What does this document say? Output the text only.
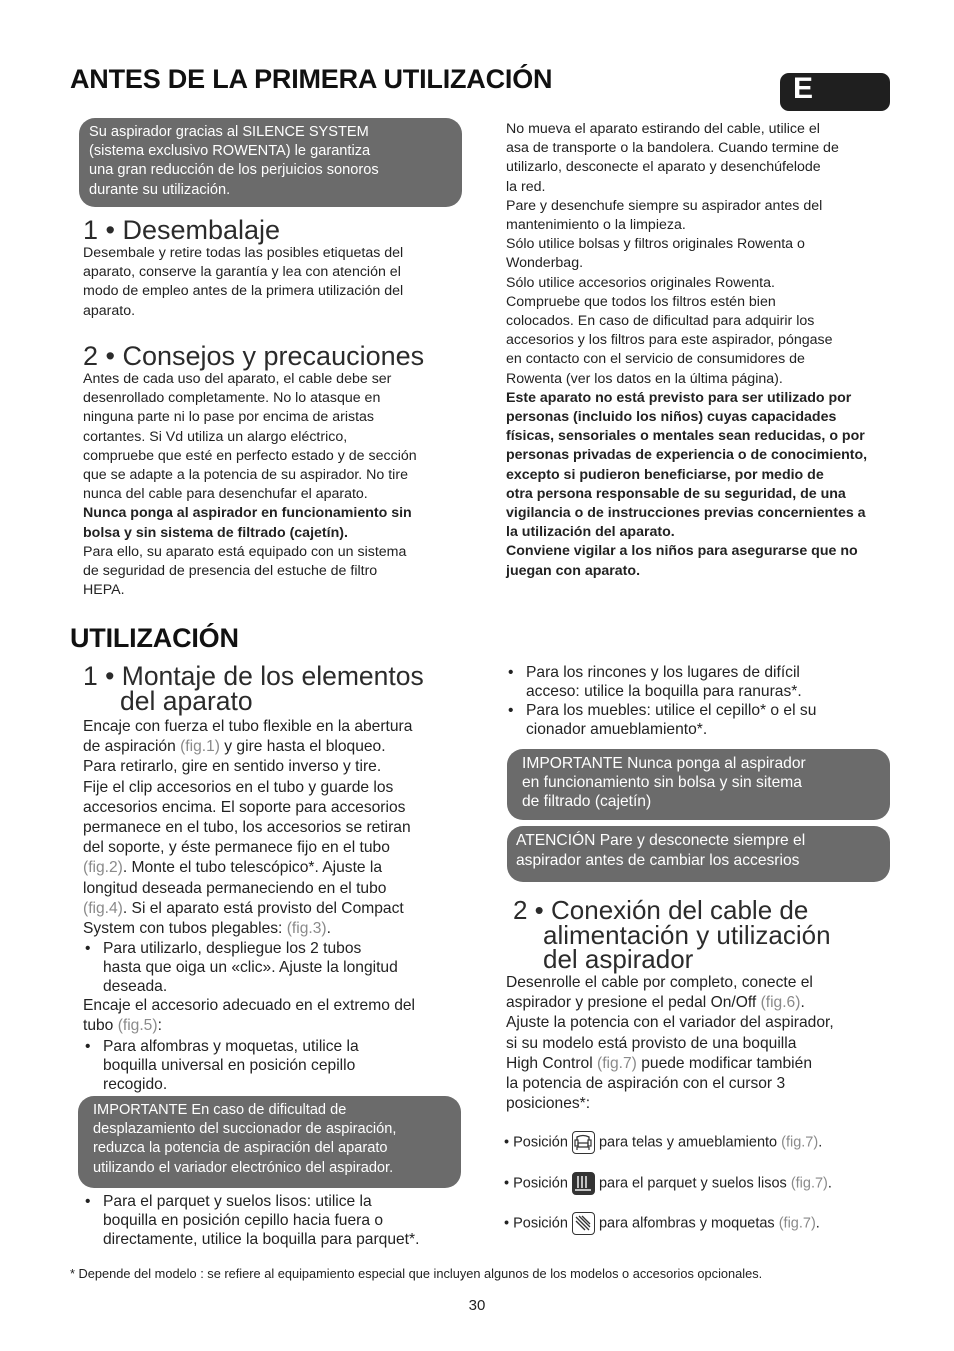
ANTES DE LA PRIMERA UTILIZACIÓN	E
Su aspirador gracias al SILENCE SYSTEM
(sistema exclusivo ROWENTA) le garantiza
una gran reducción de los perjuicios sonoros
durante su utilización.
1 • Desembalaje
Desembale y retire todas las posibles etiquetas del
aparato, conserve la garantía y lea con atención el
modo de empleo antes de la primera utilización del
aparato.
2 • Consejos y precauciones
Antes de cada uso del aparato, el cable debe ser
desenrollado completamente. No lo atasque en
ninguna parte ni lo pase por encima de aristas
cortantes. Si Vd utiliza un alargo eléctrico,
compruebe que esté en perfecto estado y de sección
que se adapte a la potencia de su aspirador. No tire
nunca del cable para desenchufar el aparato.
Nunca ponga al aspirador en funcionamiento sin
bolsa y sin sistema de filtrado (cajetín).
Para ello, su aparato está equipado con un sistema
de seguridad de presencia del estuche de filtro
HEPA.
No mueva el aparato estirando del cable, utilice el
asa de transporte o la bandolera. Cuando termine de
utilizarlo, desconecte el aparato y desenchúfelode
la red.
Pare y desenchufe siempre su aspirador antes del
mantenimiento o la limpieza.
Sólo utilice bolsas y filtros originales Rowenta o
Wonderbag.
Sólo utilice accesorios originales Rowenta.
Compruebe que todos los filtros estén bien
colocados. En caso de dificultad para adquirir los
accesorios y los filtros para este aspirador, póngase
en contacto con el servicio de consumidores de
Rowenta (ver los datos en la última página).
Este aparato no está previsto para ser utilizado por
personas (incluido los niños) cuyas capacidades
físicas, sensoriales o mentales sean reducidas, o por
personas privadas de experiencia o de conocimiento,
excepto si pudieron beneficiarse, por medio de
otra persona responsable de su seguridad, de una
vigilancia o de instrucciones previas concernientes a
la utilización del aparato.
Conviene vigilar a los niños para asegurarse que no
juegan con aparato.
UTILIZACIÓN
1 • Montaje de los elementos
del aparato
Encaje con fuerza el tubo flexible en la abertura
de aspiración (fig.1) y gire hasta el bloqueo.
Para retirarlo, gire en sentido inverso y tire.
Fije el clip accesorios en el tubo y guarde los
accesorios encima. El soporte para accesorios
permanece en el tubo, los accesorios se retiran
del soporte, y éste permanece fijo en el tubo
(fig.2). Monte el tubo telescópico*. Ajuste la
longitud deseada permaneciendo en el tubo
(fig.4). Si el aparato está provisto del Compact
System con tubos plegables: (fig.3).
• Para utilizarlo, despliegue los 2 tubos
hasta que oiga un «clic». Ajuste la longitud
deseada.
Encaje el accesorio adecuado en el extremo del
tubo (fig.5):
• Para alfombras y moquetas, utilice la
boquilla universal en posición cepillo
recogido.
IMPORTANTE En caso de dificultad de
desplazamiento del succionador de aspiración,
reduzca la potencia de aspiración del aparato
utilizando el variador electrónico del aspirador.
• Para el parquet y suelos lisos: utilice la
boquilla en posición cepillo hacia fuera o
directamente, utilice la boquilla para parquet*.
• Para los rincones y los lugares de difícil
acceso: utilice la boquilla para ranuras*.
• Para los muebles: utilice el cepillo* o el su
cionador amueblamiento*.
IMPORTANTE Nunca ponga al aspirador
en funcionamiento sin bolsa y sin sitema
de filtrado (cajetín)
ATENCIÓN Pare y desconecte siempre el
aspirador antes de cambiar los accesrios
2 • Conexión del cable de
alimentación y utilización
del aspirador
Desenrolle el cable por completo, conecte el
aspirador y presione el pedal On/Off (fig.6).
Ajuste la potencia con el variador del aspirador,
si su modelo está provisto de una boquilla
High Control (fig.7) puede modificar también
la potencia de aspiración con el cursor 3
posiciones*:
• Posición para telas y amueblamiento (fig.7).
• Posición para el parquet y suelos lisos (fig.7).
• Posición para alfombras y moquetas (fig.7).
* Depende del modelo : se refiere al equipamiento especial que incluyen algunos de los modelos o accesorios opcionales.
30
